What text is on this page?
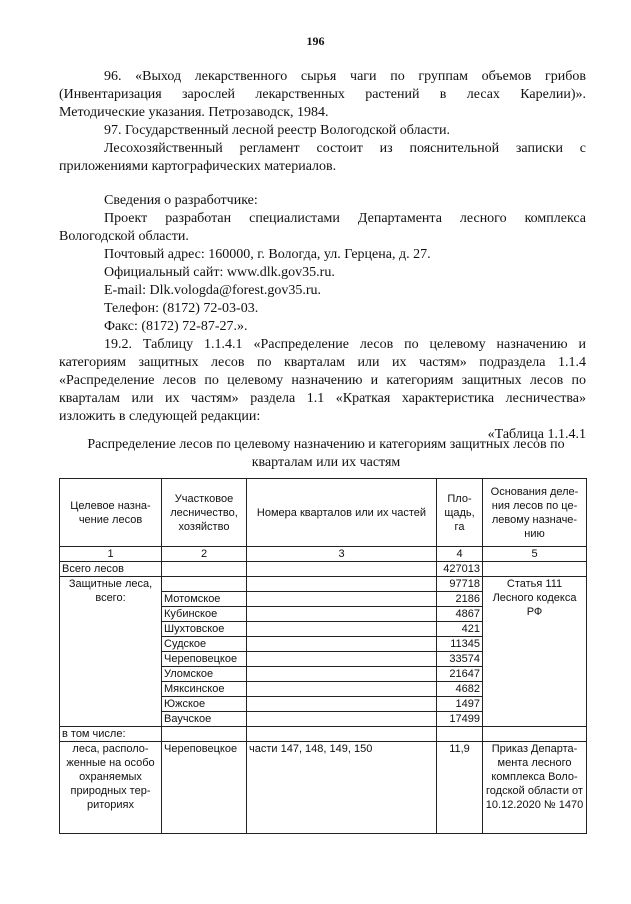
196
96. «Выход лекарственного сырья чаги по группам объемов грибов
(Инвентаризация зарослей лекарственных растений в лесах Карелии)».
Методические указания. Петрозаводск, 1984.
97. Государственный лесной реестр Вологодской области.
Лесохозяйственный регламент состоит из пояснительной записки с
приложениями картографических материалов.
Сведения о разработчике:
Проект разработан специалистами Департамента лесного комплекса
Вологодской области.
Почтовый адрес: 160000, г. Вологда, ул. Герцена, д. 27.
Официальный сайт: www.dlk.gov35.ru.
E-mail: Dlk.vologda@forest.gov35.ru.
Телефон: (8172) 72-03-03.
Факс: (8172) 72-87-27.».
19.2. Таблицу 1.1.4.1 «Распределение лесов по целевому назначению и
категориям защитных лесов по кварталам или их частям» подраздела 1.1.4
«Распределение лесов по целевому назначению и категориям защитных лесов по
кварталам или их частям» раздела 1.1 «Краткая характеристика лесничества»
изложить в следующей редакции:
«Таблица 1.1.4.1
Распределение лесов по целевому назначению и категориям защитных лесов по
кварталам или их частям
Целевое назна-чение лесов	Участковое лесничество, хозяйство	Номера кварталов или их частей	Пло-щадь, га	Основания деле-ния лесов по це-левому назначе-нию
1	2	3	4	5
Всего лесов			427013	
Защитные леса, всего:			97718	Статья 111 Лесного кодекса РФ
	Мотомское		2186	
	Кубинское		4867	
	Шухтовское		421	
	Судское		11345	
	Череповецкое		33574	
	Уломское		21647	
	Мяксинское		4682	
	Южское		1497	
	Ваучское		17499	
в том числе:				
леса, располо-женные на особо охраняемых природных тер-риториях	Череповецкое	части 147, 148, 149, 150	11,9	Приказ Департа-мента лесного комплекса Воло-годской области от 10.12.2020 № 1470
